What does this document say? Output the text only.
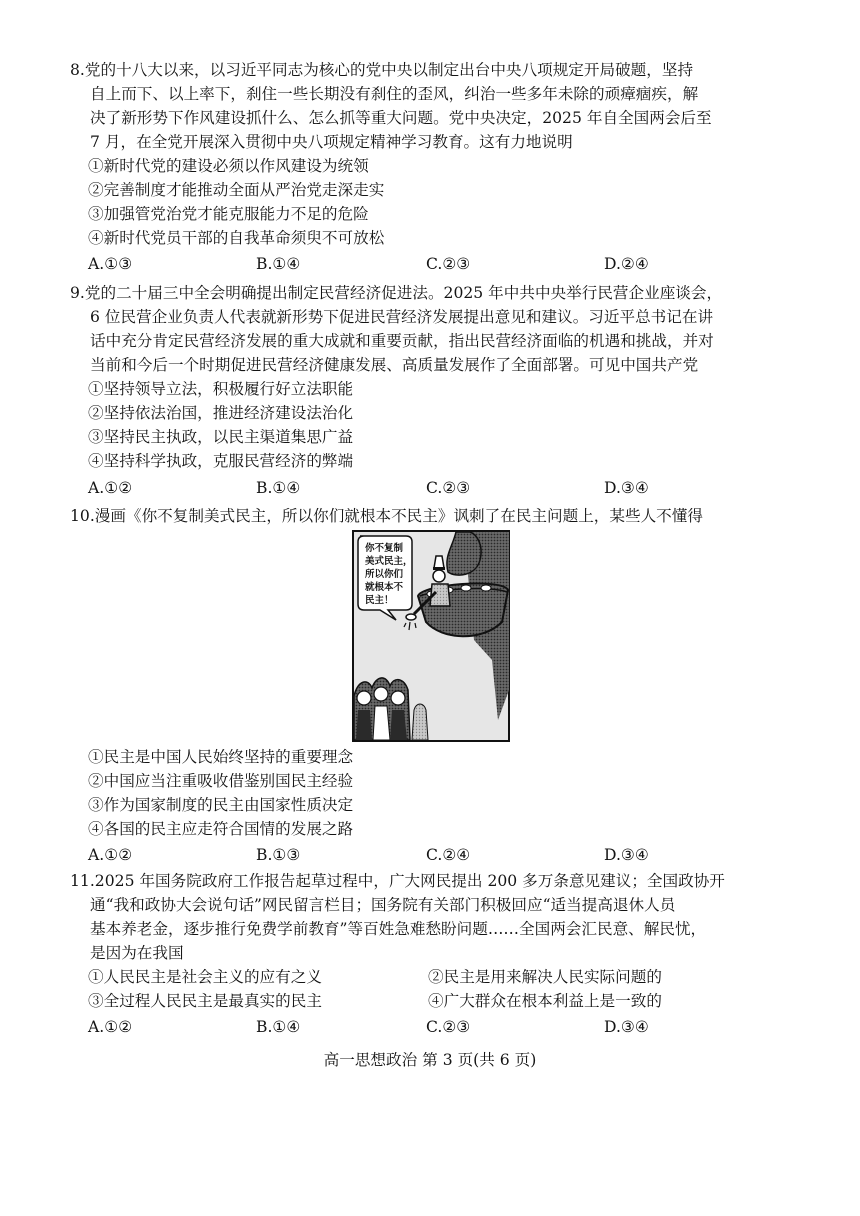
8.党的十八大以来，以习近平同志为核心的党中央以制定出台中央八项规定开局破题，坚持
自上而下、以上率下，刹住一些长期没有刹住的歪风，纠治一些多年未除的顽瘴痼疾，解
决了新形势下作风建设抓什么、怎么抓等重大问题。党中央决定，2025 年自全国两会后至
7 月，在全党开展深入贯彻中央八项规定精神学习教育。这有力地说明
①新时代党的建设必须以作风建设为统领
②完善制度才能推动全面从严治党走深走实
③加强管党治党才能克服能力不足的危险
④新时代党员干部的自我革命须臾不可放松
A.①③	B.①④	C.②③	D.②④
9.党的二十届三中全会明确提出制定民营经济促进法。2025 年中共中央举行民营企业座谈会，
6 位民营企业负责人代表就新形势下促进民营经济发展提出意见和建议。习近平总书记在讲
话中充分肯定民营经济发展的重大成就和重要贡献，指出民营经济面临的机遇和挑战，并对
当前和今后一个时期促进民营经济健康发展、高质量发展作了全面部署。可见中国共产党
①坚持领导立法，积极履行好立法职能
②坚持依法治国，推进经济建设法治化
③坚持民主执政，以民主渠道集思广益
④坚持科学执政，克服民营经济的弊端
A.①②	B.①④	C.②③	D.③④
10.漫画《你不复制美式民主，所以你们就根本不民主》讽刺了在民主问题上，某些人不懂得
你不复制
美式民主，
所以你们
就根本不
民主！
①民主是中国人民始终坚持的重要理念
②中国应当注重吸收借鉴别国民主经验
③作为国家制度的民主由国家性质决定
④各国的民主应走符合国情的发展之路
A.①②	B.①③	C.②④	D.③④
11.2025 年国务院政府工作报告起草过程中，广大网民提出 200 多万条意见建议；全国政协开
通“我和政协大会说句话”网民留言栏目；国务院有关部门积极回应“适当提高退休人员
基本养老金，逐步推行免费学前教育”等百姓急难愁盼问题……全国两会汇民意、解民忧，
是因为在我国
①人民民主是社会主义的应有之义	②民主是用来解决人民实际问题的
③全过程人民民主是最真实的民主	④广大群众在根本利益上是一致的
A.①②	B.①④	C.②③	D.③④
高一思想政治 第 3 页(共 6 页)
